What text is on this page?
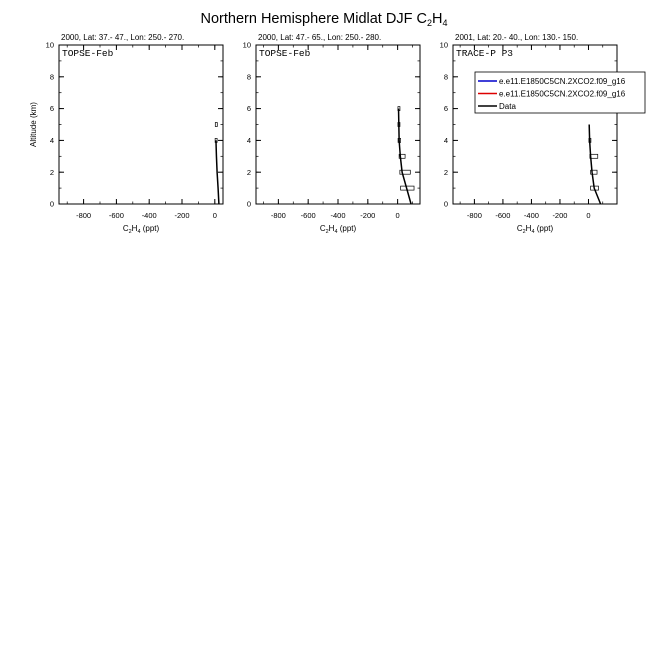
Northern Hemisphere Midlat DJF $C_2H_4$
2000, Lat: 37.- 47., Lon: 250.- 270.
-800 -600 -400 -200	0
0
2
4
6
8
10
$C_2H_4$ (ppt)
Altitude (km)
TOPSE-Feb
2000, Lat: 47.- 65., Lon: 250.- 280.
-800 -600 -400 -200	0
0
2
4
6
8
10
$C_2H_4$ (ppt)
TOPSE-Feb
2001, Lat: 20.- 40., Lon: 130.- 150.
-800 -600 -400 -200	0
0
2
4
6
8
10
$C_2H_4$ (ppt)
TRACE-P P3
e.e11.E1850C5CN.2XCO2.f09_g16
e.e11.E1850C5CN.2XCO2.f09_g16
Data
